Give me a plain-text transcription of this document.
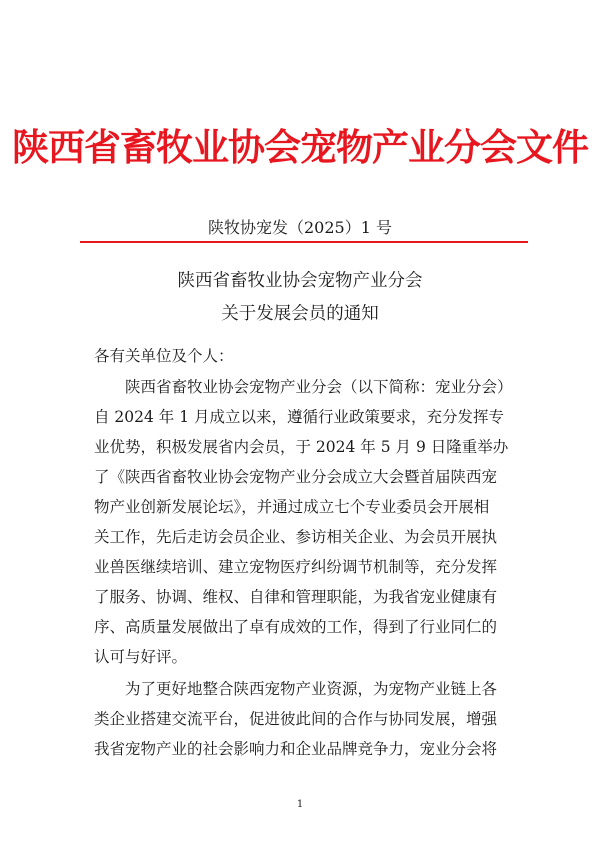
陕西省畜牧业协会宠物产业分会文件
陕牧协宠发（2025）1 号
陕西省畜牧业协会宠物产业分会
关于发展会员的通知
各有关单位及个人：
　　陕西省畜牧业协会宠物产业分会（以下简称：宠业分会）
自 2024 年 1 月成立以来，遵循行业政策要求，充分发挥专
业优势，积极发展省内会员，于 2024 年 5 月 9 日隆重举办
了《陕西省畜牧业协会宠物产业分会成立大会暨首届陕西宠
物产业创新发展论坛》，并通过成立七个专业委员会开展相
关工作，先后走访会员企业、参访相关企业、为会员开展执
业兽医继续培训、建立宠物医疗纠纷调节机制等，充分发挥
了服务、协调、维权、自律和管理职能，为我省宠业健康有
序、高质量发展做出了卓有成效的工作，得到了行业同仁的
认可与好评。
　　为了更好地整合陕西宠物产业资源，为宠物产业链上各
类企业搭建交流平台，促进彼此间的合作与协同发展，增强
我省宠物产业的社会影响力和企业品牌竞争力，宠业分会将
1
